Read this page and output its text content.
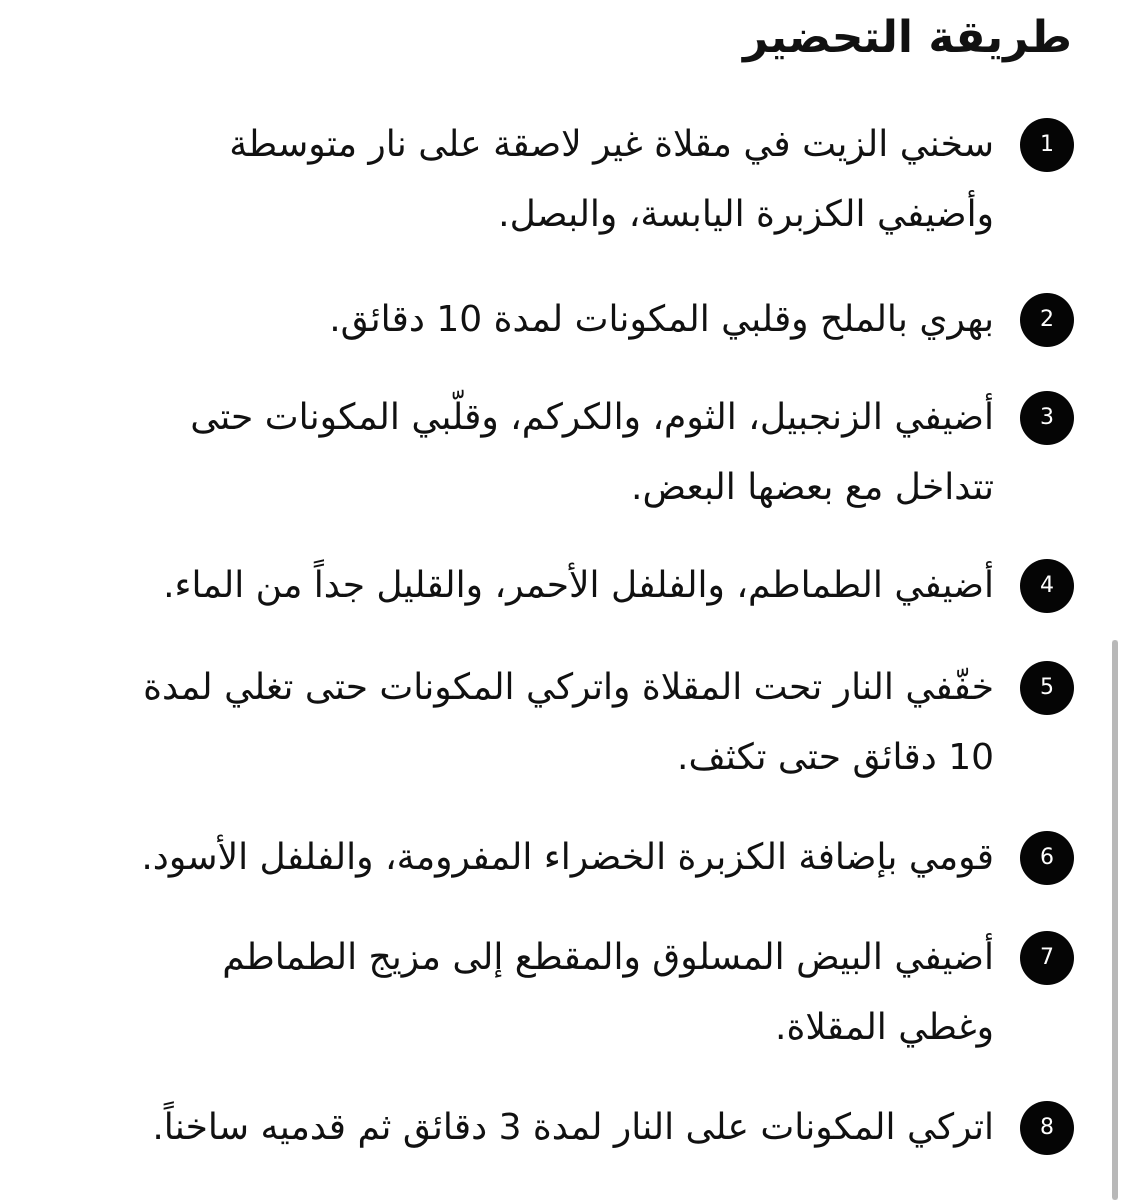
طريقة التحضير
1

سخني الزيت في مقلاة غير لاصقة على نار متوسطة

وأضيفي الكزبرة اليابسة، والبصل.

2

بهري بالملح وقلبي المكونات لمدة 10 دقائق.

3

أضيفي الزنجبيل، الثوم، والكركم، وقلّبي المكونات حتى

تتداخل مع بعضها البعض.

4

أضيفي الطماطم، والفلفل الأحمر، والقليل جداً من الماء.

5

خفّفي النار تحت المقلاة واتركي المكونات حتى تغلي لمدة

10 دقائق حتى تكثف.

6

قومي بإضافة الكزبرة الخضراء المفرومة، والفلفل الأسود.

7

أضيفي البيض المسلوق والمقطع إلى مزيج الطماطم

وغطي المقلاة.

8

اتركي المكونات على النار لمدة 3 دقائق ثم قدميه ساخناً.
